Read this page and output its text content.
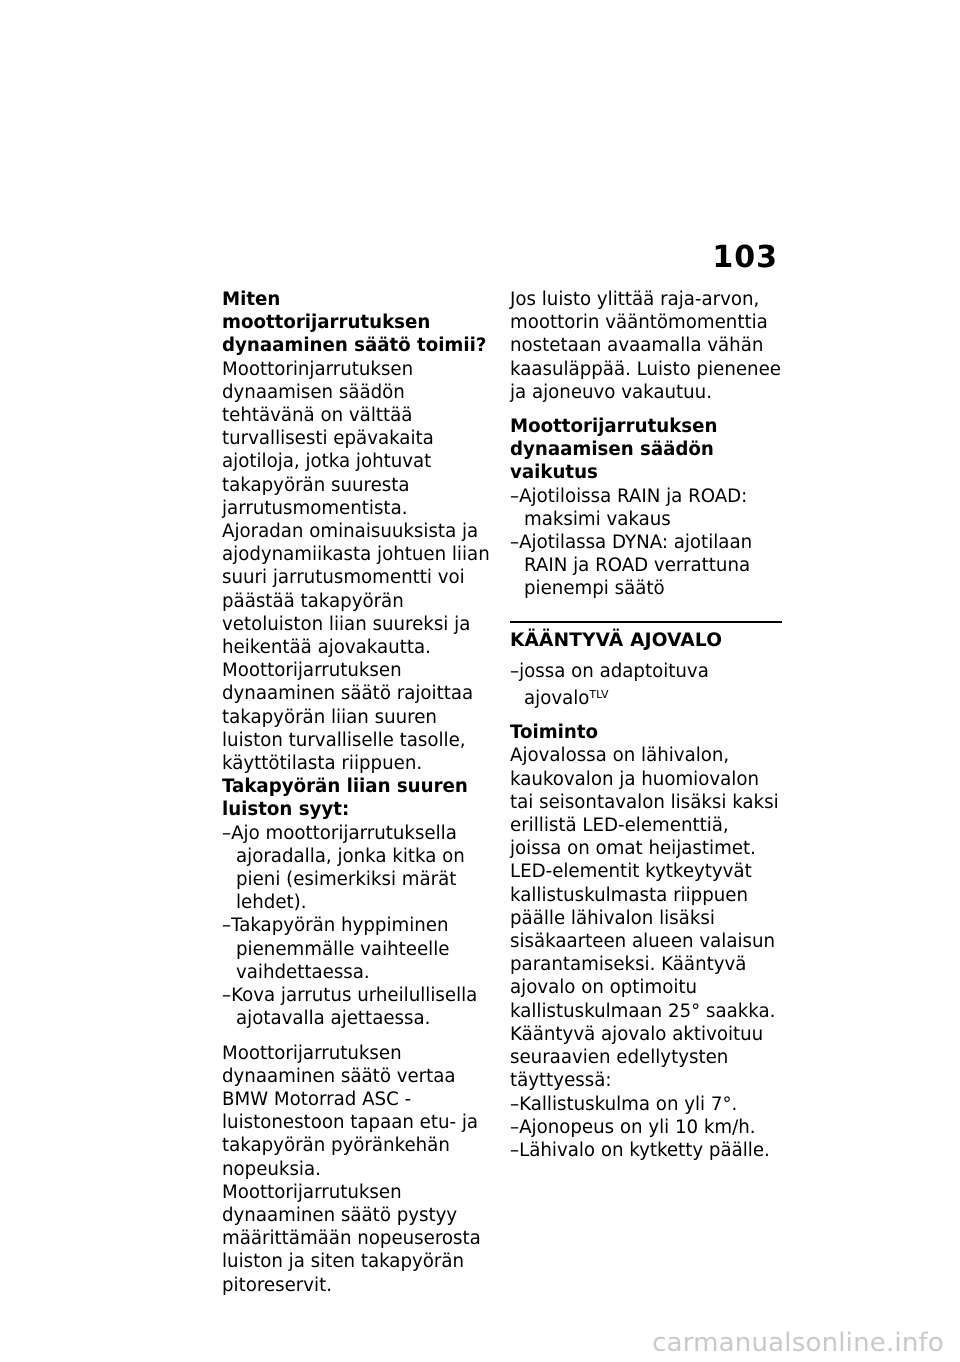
103

Miten moottorijarrutuksen dynaaminen säätö toimii?

Moottorinjarrutuksen dynaamisen säädön tehtävänä on välttää turvallisesti epävakaita ajotiloja, jotka johtuvat takapyörän suuresta jarrutusmomentista. Ajoradan ominaisuuksista ja ajodynamiikasta johtuen liian suuri jarrutusmomentti voi päästää takapyörän vetoluiston liian suureksi ja heikentää ajovakautta. Moottorijarrutuksen dynaaminen säätö rajoittaa takapyörän liian suuren luiston turvalliselle tasolle, käyttötilasta riippuen.

Takapyörän liian suuren luiston syyt:

–Ajo moottorijarrutuksella ajoradalla, jonka kitka on pieni (esimerkiksi märät lehdet).
–Takapyörän hyppiminen pienemmälle vaihteelle vaihdettaessa.
–Kova jarrutus urheilullisella ajotavalla ajettaessa.

Moottorijarrutuksen dynaaminen säätö vertaa BMW Motorrad ASC -luistonestoon tapaan etu- ja takapyörän pyöränkehän nopeuksia. Moottorijarrutuksen dynaaminen säätö pystyy määrittämään nopeuserosta luiston ja siten takapyörän pitoreservit.

Jos luisto ylittää raja-arvon, moottorin vääntömomenttia nostetaan avaamalla vähän kaasuläppää. Luisto pienenee ja ajoneuvo vakautuu.

Moottorijarrutuksen dynaamisen säädön vaikutus

–Ajotiloissa RAIN ja ROAD: maksimi vakaus
–Ajotilassa DYNA: ajotilaan RAIN ja ROAD verrattuna pienempi säätö

KÄÄNTYVÄ AJOVALO

–jossa on adaptoituva ajovalo$^{TLV}$

Toiminto

Ajovalossa on lähivalon, kaukovalon ja huomiovalon tai seisontavalon lisäksi kaksi erillistä LED-elementtiä, joissa on omat heijastimet. LED-elementit kytkeytyvät kallistuskulmasta riippuen päälle lähivalon lisäksi sisäkaarteen alueen valaisun parantamiseksi. Kääntyvä ajovalo on optimoitu kallistuskulmaan 25° saakka.

Kääntyvä ajovalo aktivoituu seuraavien edellytysten täyttyessä:

–Kallistuskulma on yli 7°.
–Ajonopeus on yli 10 km/h.
–Lähivalo on kytketty päälle.
carmanualsonline.info
